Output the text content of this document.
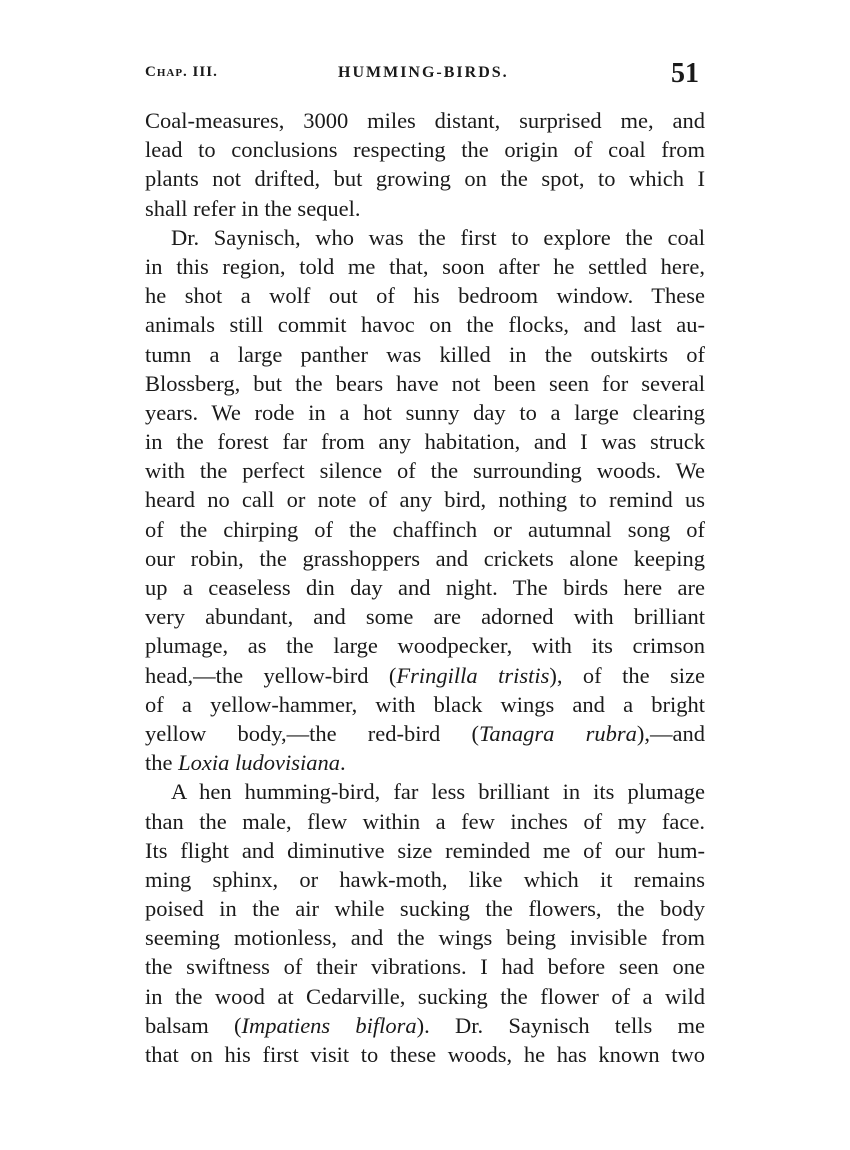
Chap. III.	HUMMING-BIRDS.	51
Coal-measures, 3000 miles distant, surprised me, and
lead to conclusions respecting the origin of coal from
plants not drifted, but growing on the spot, to which I
shall refer in the sequel.
Dr. Saynisch, who was the first to explore the coal
in this region, told me that, soon after he settled here,
he shot a wolf out of his bedroom window. These
animals still commit havoc on the flocks, and last au-
tumn a large panther was killed in the outskirts of
Blossberg, but the bears have not been seen for several
years. We rode in a hot sunny day to a large clearing
in the forest far from any habitation, and I was struck
with the perfect silence of the surrounding woods. We
heard no call or note of any bird, nothing to remind us
of the chirping of the chaffinch or autumnal song of
our robin, the grasshoppers and crickets alone keeping
up a ceaseless din day and night. The birds here are
very abundant, and some are adorned with brilliant
plumage, as the large woodpecker, with its crimson
head,—the yellow-bird (Fringilla tristis), of the size
of a yellow-hammer, with black wings and a bright
yellow body,—the red-bird (Tanagra rubra),—and
the Loxia ludovisiana.
A hen humming-bird, far less brilliant in its plumage
than the male, flew within a few inches of my face.
Its flight and diminutive size reminded me of our hum-
ming sphinx, or hawk-moth, like which it remains
poised in the air while sucking the flowers, the body
seeming motionless, and the wings being invisible from
the swiftness of their vibrations. I had before seen one
in the wood at Cedarville, sucking the flower of a wild
balsam (Impatiens biflora). Dr. Saynisch tells me
that on his first visit to these woods, he has known two
